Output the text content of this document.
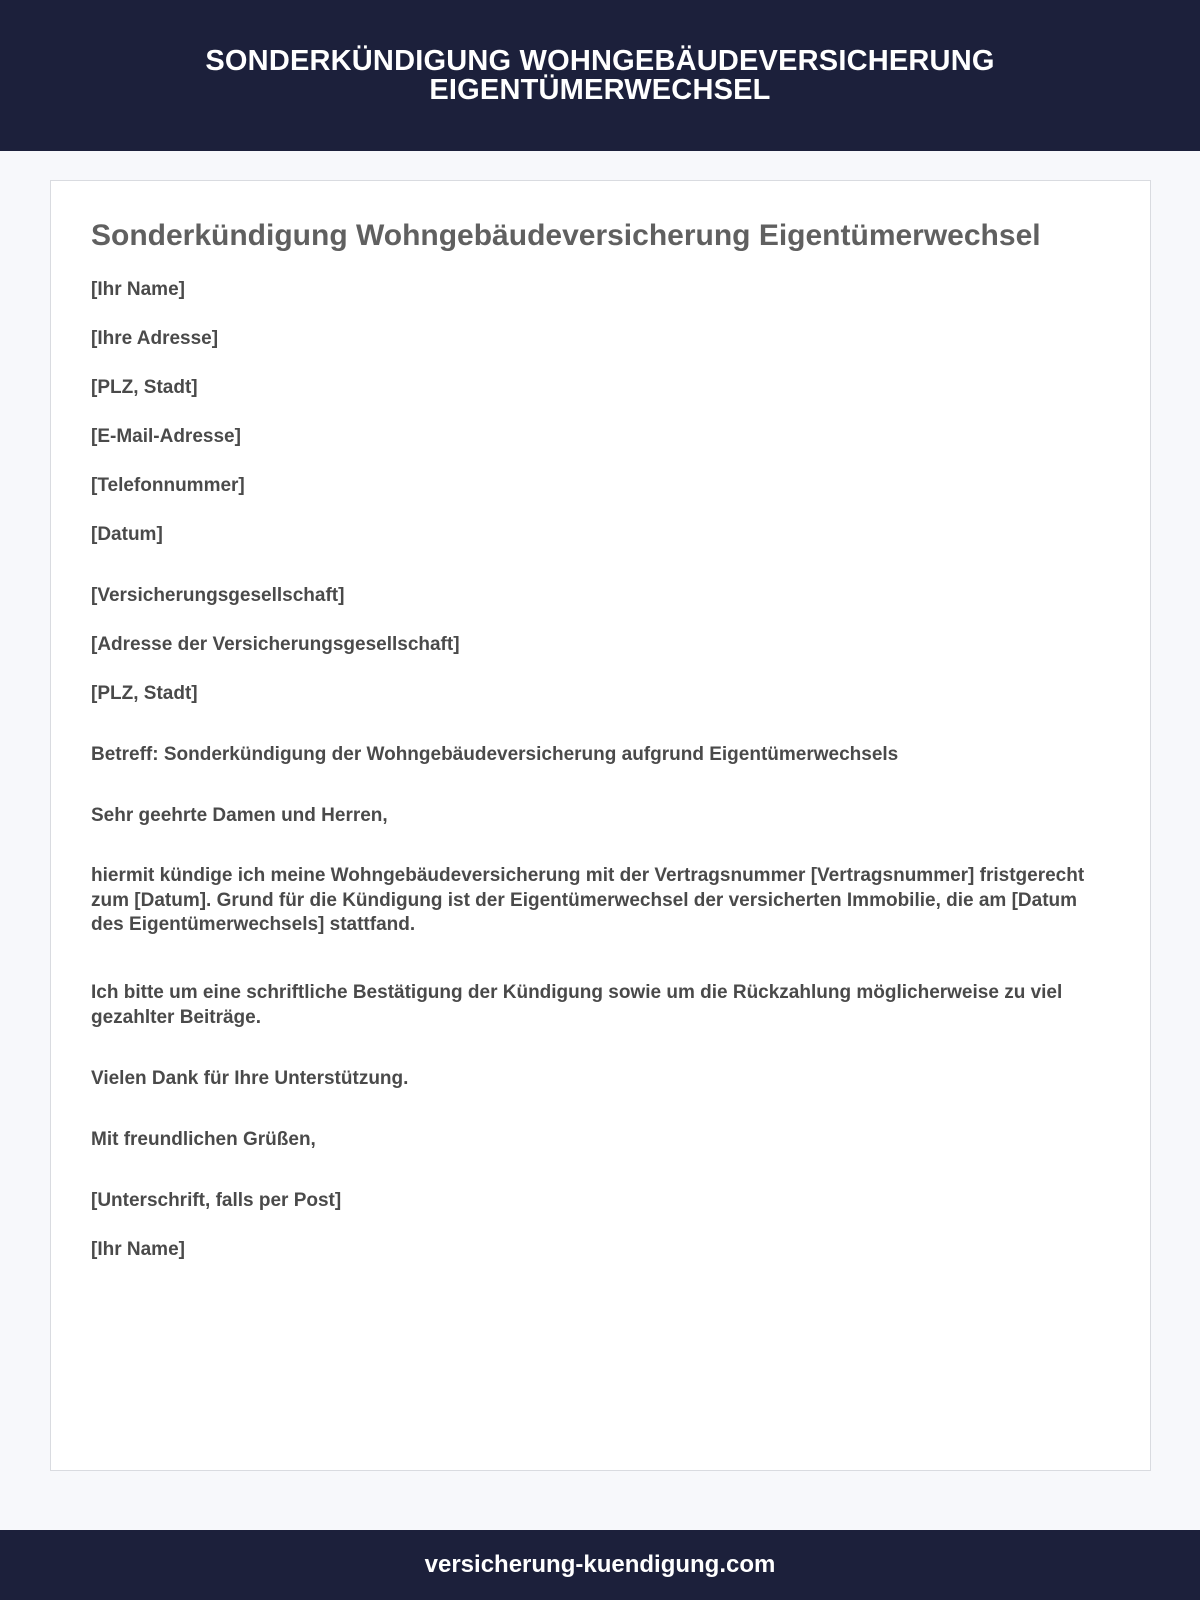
SONDERKÜNDIGUNG WOHNGEBÄUDEVERSICHERUNG EIGENTÜMERWECHSEL
Sonderkündigung Wohngebäudeversicherung Eigentümerwechsel

[Ihr Name]

[Ihre Adresse]

[PLZ, Stadt]

[E-Mail-Adresse]

[Telefonnummer]

[Datum]

[Versicherungsgesellschaft]

[Adresse der Versicherungsgesellschaft]

[PLZ, Stadt]

Betreff: Sonderkündigung der Wohngebäudeversicherung aufgrund Eigentümerwechsels

Sehr geehrte Damen und Herren,

hiermit kündige ich meine Wohngebäudeversicherung mit der Vertragsnummer [Vertragsnummer] fristgerecht zum [Datum]. Grund für die Kündigung ist der Eigentümerwechsel der versicherten Immobilie, die am [Datum des Eigentümerwechsels] stattfand.

Ich bitte um eine schriftliche Bestätigung der Kündigung sowie um die Rückzahlung möglicherweise zu viel gezahlter Beiträge.

Vielen Dank für Ihre Unterstützung.

Mit freundlichen Grüßen,

[Unterschrift, falls per Post]

[Ihr Name]

versicherung-kuendigung.com
